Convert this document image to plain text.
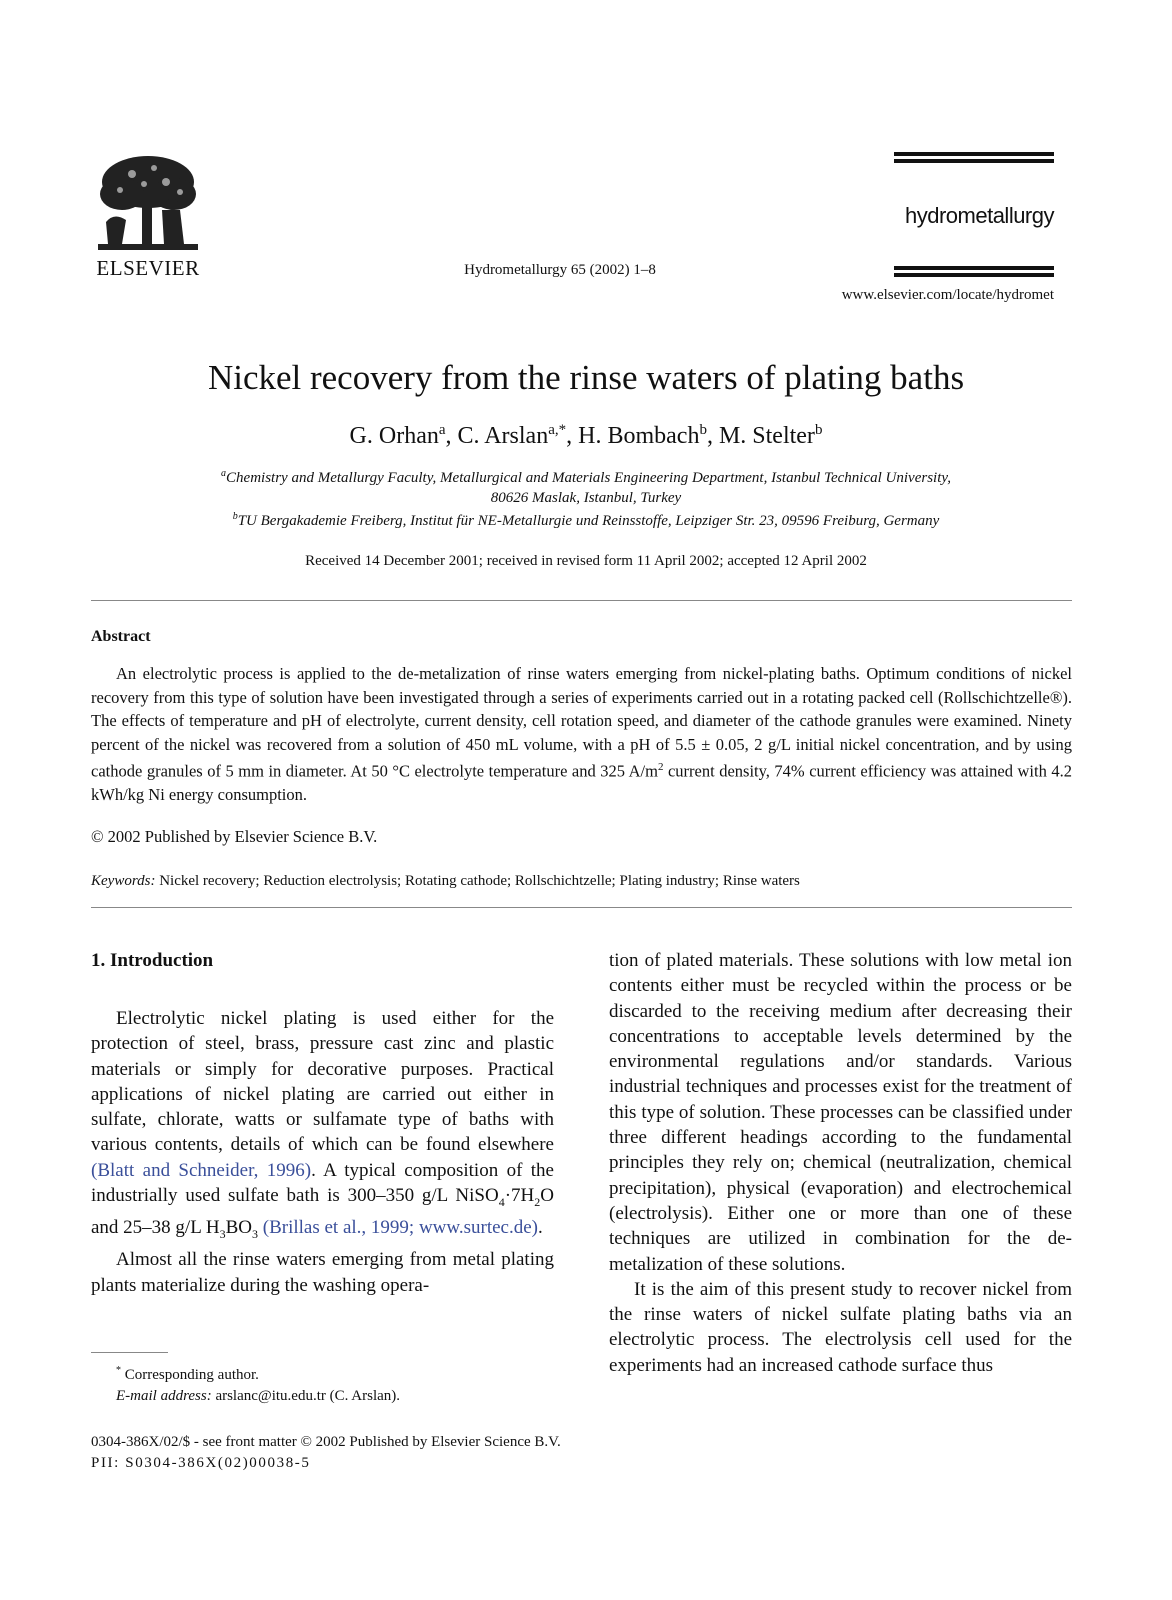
ELSEVIER	Hydrometallurgy 65 (2002) 1–8
hydrometallurgy
www.elsevier.com/locate/hydromet
Nickel recovery from the rinse waters of plating baths
G. Orhan$^a$, C. Arslan$^{a,*}$, H. Bombach$^b$, M. Stelter$^b$
$^a$Chemistry and Metallurgy Faculty, Metallurgical and Materials Engineering Department, Istanbul Technical University,
80626 Maslak, Istanbul, Turkey
$^b$TU Bergakademie Freiberg, Institut für NE-Metallurgie und Reinsstoffe, Leipziger Str. 23, 09596 Freiburg, Germany
Received 14 December 2001; received in revised form 11 April 2002; accepted 12 April 2002
Abstract

An electrolytic process is applied to the de-metalization of rinse waters emerging from nickel-plating baths. Optimum conditions of nickel recovery from this type of solution have been investigated through a series of experiments carried out in a rotating packed cell (Rollschichtzelle®). The effects of temperature and pH of electrolyte, current density, cell rotation speed, and diameter of the cathode granules were examined. Ninety percent of the nickel was recovered from a solution of 450 mL volume, with a pH of 5.5 ± 0.05, 2 g/L initial nickel concentration, and by using cathode granules of 5 mm in diameter. At 50 °C electrolyte temperature and 325 $A/m^2$ current density, 74% current efficiency was attained with 4.2 kWh/kg Ni energy consumption.

© 2002 Published by Elsevier Science B.V.
Keywords: Nickel recovery; Reduction electrolysis; Rotating cathode; Rollschichtzelle; Plating industry; Rinse waters
1. Introduction

Electrolytic nickel plating is used either for the protection of steel, brass, pressure cast zinc and plastic materials or simply for decorative purposes. Practical applications of nickel plating are carried out either in sulfate, chlorate, watts or sulfamate type of baths with various contents, details of which can be found elsewhere (Blatt and Schneider, 1996). A typical composition of the industrially used sulfate bath is 300–350 g/L $NiSO_4\cdot 7H_2O$ and 25–38 g/L $H_3BO_3$ (Brillas et al., 1999; www.surtec.de).

Almost all the rinse waters emerging from metal plating plants materialize during the washing opera-

tion of plated materials. These solutions with low metal ion contents either must be recycled within the process or be discarded to the receiving medium after decreasing their concentrations to acceptable levels determined by the environmental regulations and/or standards. Various industrial techniques and processes exist for the treatment of this type of solution. These processes can be classified under three different headings according to the fundamental principles they rely on; chemical (neutralization, chemical precipitation), physical (evaporation) and electrochemical (electrolysis). Either one or more than one of these techniques are utilized in combination for the de-metalization of these solutions.

It is the aim of this present study to recover nickel from the rinse waters of nickel sulfate plating baths via an electrolytic process. The electrolysis cell used for the experiments had an increased cathode surface thus

* Corresponding author.
E-mail address: arslanc@itu.edu.tr (C. Arslan).
0304-386X/02/$ - see front matter © 2002 Published by Elsevier Science B.V.
PII: S0304-386X(02)00038-5
